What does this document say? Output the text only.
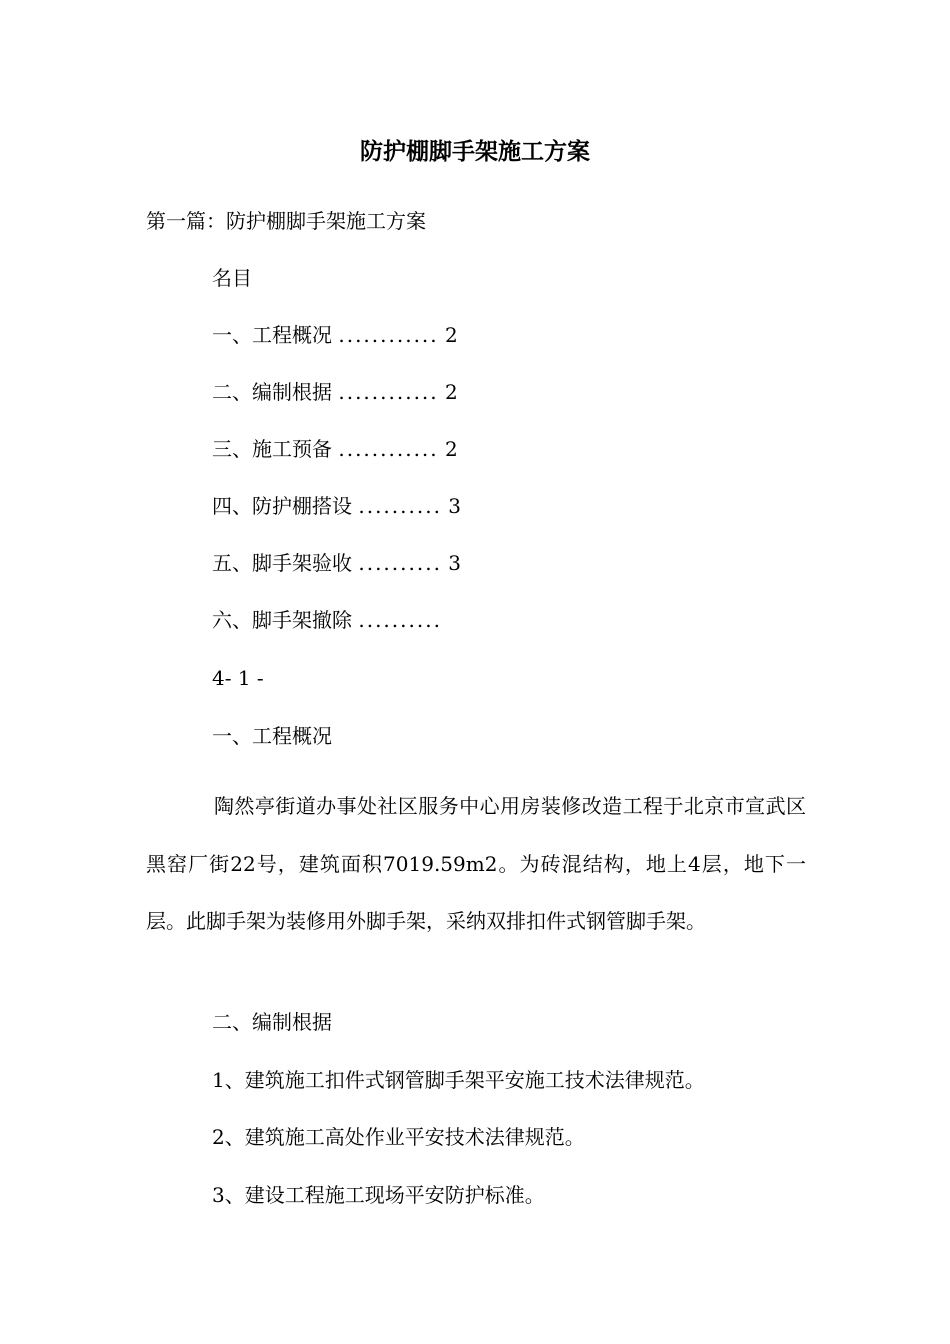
防护棚脚手架施工方案
第一篇：防护棚脚手架施工方案
名目
一、工程概况 ............ 2
二、编制根据 ............ 2
三、施工预备 ............ 2
四、防护棚搭设 .......... 3
五、脚手架验收 .......... 3
六、脚手架撤除 ..........
4- 1 -
一、工程概况

陶然亭街道办事处社区服务中心用房装修改造工程于北京市宣武区黑窑厂街22号，建筑面积7019.59m2。为砖混结构，地上4层，地下一层。此脚手架为装修用外脚手架，采纳双排扣件式钢管脚手架。

二、编制根据
1、建筑施工扣件式钢管脚手架平安施工技术法律规范。
2、建筑施工高处作业平安技术法律规范。
3、建设工程施工现场平安防护标准。
